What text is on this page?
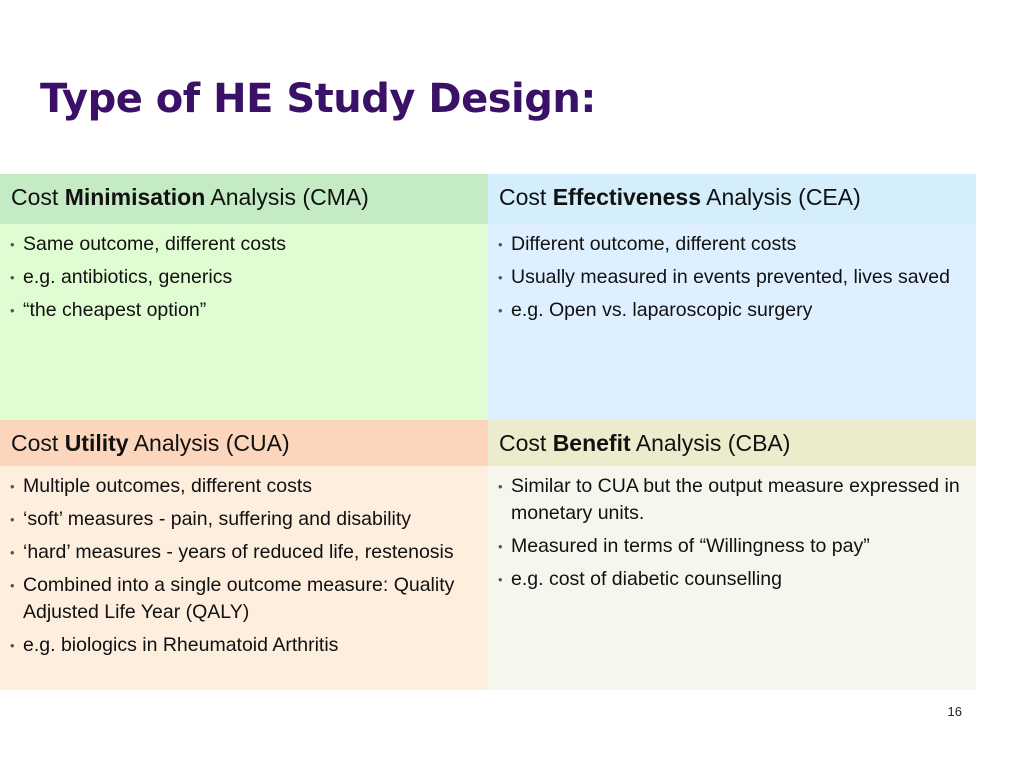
Type of HE Study Design:
Cost Minimisation Analysis (CMA)	Cost Effectiveness Analysis (CEA)
• Same outcome, different costs
• e.g. antibiotics, generics
• “the cheapest option”
• Different outcome, different costs
• Usually measured in events prevented, lives saved
• e.g. Open vs. laparoscopic surgery
Cost Utility Analysis (CUA)	Cost Benefit Analysis (CBA)
• Multiple outcomes, different costs
• ‘soft’ measures - pain, suffering and disability
• ‘hard’ measures - years of reduced life, restenosis
• Combined into a single outcome measure: Quality Adjusted Life Year (QALY)
• e.g. biologics in Rheumatoid Arthritis
• Similar to CUA but the output measure expressed in monetary units.
• Measured in terms of “Willingness to pay”
• e.g. cost of diabetic counselling
16
